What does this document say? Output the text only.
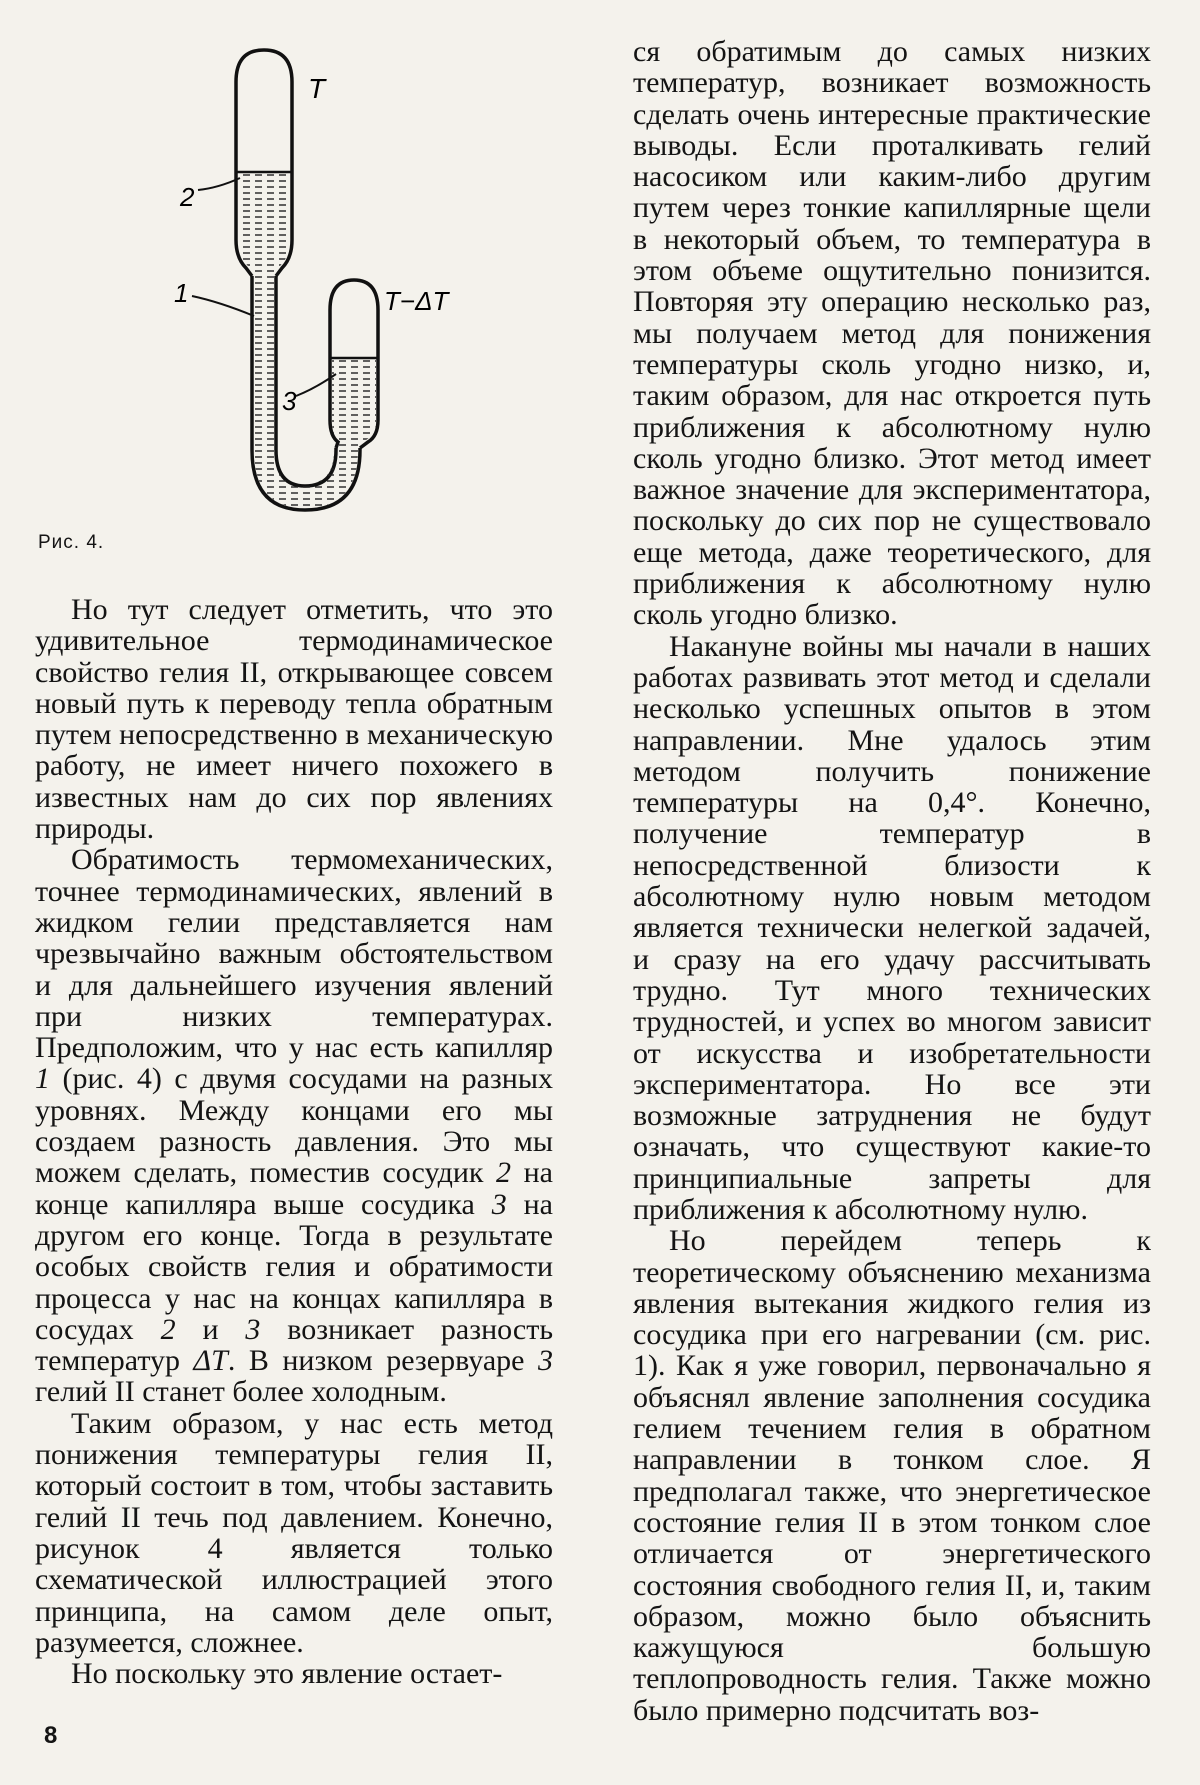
T
T−ΔT
2
1
3
Рис. 4.

Но тут следует отметить, что это удивительное термодинамическое свойство гелия II, открывающее совсем новый путь к переводу тепла обратным путем непосредственно в механическую работу, не имеет ничего похожего в известных нам до сих пор явлениях природы.

Обратимость термомеханических, точнее термодинамических, явлений в жидком гелии представляется нам чрезвычайно важным обстоятельством и для дальнейшего изучения явлений при низких температурах. Предположим, что у нас есть капилляр 1 (рис. 4) с двумя сосудами на разных уровнях. Между концами его мы создаем разность давления. Это мы можем сделать, поместив сосудик 2 на конце капилляра выше сосудика 3 на другом его конце. Тогда в результате особых свойств гелия и обратимости процесса у нас на концах капилляра в сосудах 2 и 3 возникает разность температур ΔT. В низком резервуаре 3 гелий II станет более холодным.

Таким образом, у нас есть метод понижения температуры гелия II, который состоит в том, чтобы заставить гелий II течь под давлением. Конечно, рисунок 4 является только схематической иллюстрацией этого принципа, на самом деле опыт, разумеется, сложнее.

Но поскольку это явление остает-

ся обратимым до самых низких температур, возникает возможность сделать очень интересные практические выводы. Если проталкивать гелий насосиком или каким-либо другим путем через тонкие капиллярные щели в некоторый объем, то температура в этом объеме ощутительно понизится. Повторяя эту операцию несколько раз, мы получаем метод для понижения температуры сколь угодно низко, и, таким образом, для нас откроется путь приближения к абсолютному нулю сколь угодно близко. Этот метод имеет важное значение для экспериментатора, поскольку до сих пор не существовало еще метода, даже теоретического, для приближения к абсолютному нулю сколь угодно близко.

Накануне войны мы начали в наших работах развивать этот метод и сделали несколько успешных опытов в этом направлении. Мне удалось этим методом получить понижение температуры на 0,4°. Конечно, получение температур в непосредственной близости к абсолютному нулю новым методом является технически нелегкой задачей, и сразу на его удачу рассчитывать трудно. Тут много технических трудностей, и успех во многом зависит от искусства и изобретательности экспериментатора. Но все эти возможные затруднения не будут означать, что существуют какие-то принципиальные запреты для приближения к абсолютному нулю.

Но перейдем теперь к теоретическому объяснению механизма явления вытекания жидкого гелия из сосудика при его нагревании (см. рис. 1). Как я уже говорил, первоначально я объяснял явление заполнения сосудика гелием течением гелия в обратном направлении в тонком слое. Я предполагал также, что энергетическое состояние гелия II в этом тонком слое отличается от энергетического состояния свободного гелия II, и, таким образом, можно было объяснить кажущуюся большую теплопроводность гелия. Также можно было примерно подсчитать воз-

8
